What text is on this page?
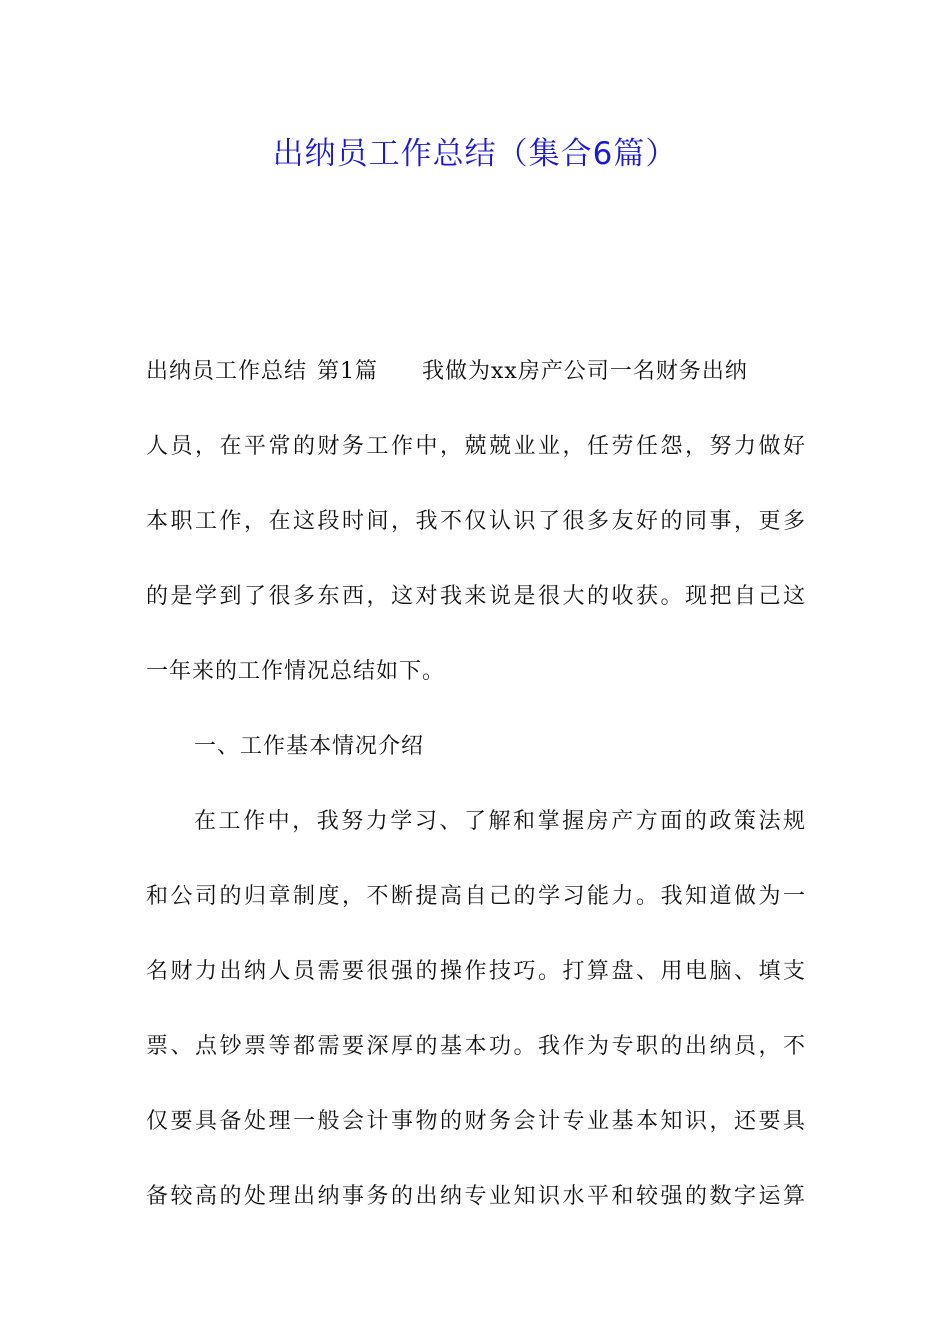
出纳员工作总结（集合6篇）
出纳员工作总结 第1篇 我做为xx房产公司一名财务出纳
人员，在平常的财务工作中，兢兢业业，任劳任怨，努力做好
本职工作，在这段时间，我不仅认识了很多友好的同事，更多
的是学到了很多东西，这对我来说是很大的收获。现把自己这
一年来的工作情况总结如下。
一、工作基本情况介绍
在工作中，我努力学习、了解和掌握房产方面的政策法规
和公司的归章制度，不断提高自己的学习能力。我知道做为一
名财力出纳人员需要很强的操作技巧。打算盘、用电脑、填支
票、点钞票等都需要深厚的基本功。我作为专职的出纳员，不
仅要具备处理一般会计事物的财务会计专业基本知识，还要具
备较高的处理出纳事务的出纳专业知识水平和较强的数字运算
